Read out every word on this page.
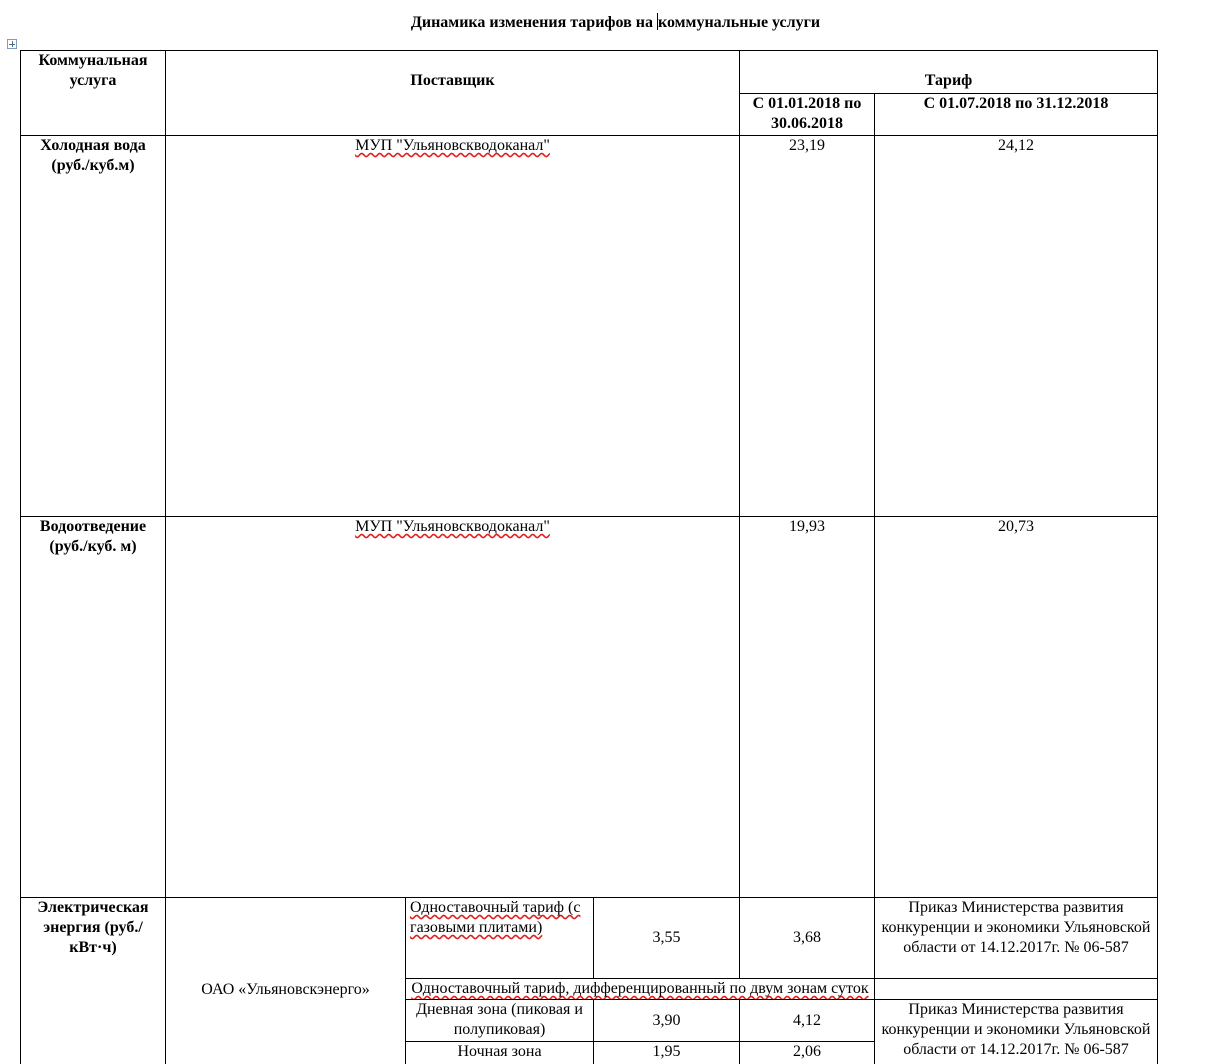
Динамика изменения тарифов на коммунальные услуги
Коммунальная услуга	Поставщик			Тариф	
				С 01.01.2018 по 30.06.2018	С 01.07.2018 по 31.12.2018	
Холодная вода (руб./куб.м)	МУП "Ульяновскводоканал"			23,19	24,12	
Водоотведение (руб./куб. м)	МУП "Ульяновскводоканал"			19,93	20,73	
Электрическая энергия (руб./кВт·ч)	ОАО «Ульяновскэнерго»	Одноставочный тариф (с газовыми плитами)	3,55	3,68	Приказ Министерства развития конкуренции и экономики Ульяновской области от 14.12.2017г. № 06-587	
		Одноставочный тариф, дифференцированный по двум зонам суток				
		Дневная зона (пиковая и полупиковая)	3,90	4,12	Приказ Министерства развития конкуренции и экономики Ульяновской области от 14.12.2017г. № 06-587	
		Ночная зона	1,95	2,06		
